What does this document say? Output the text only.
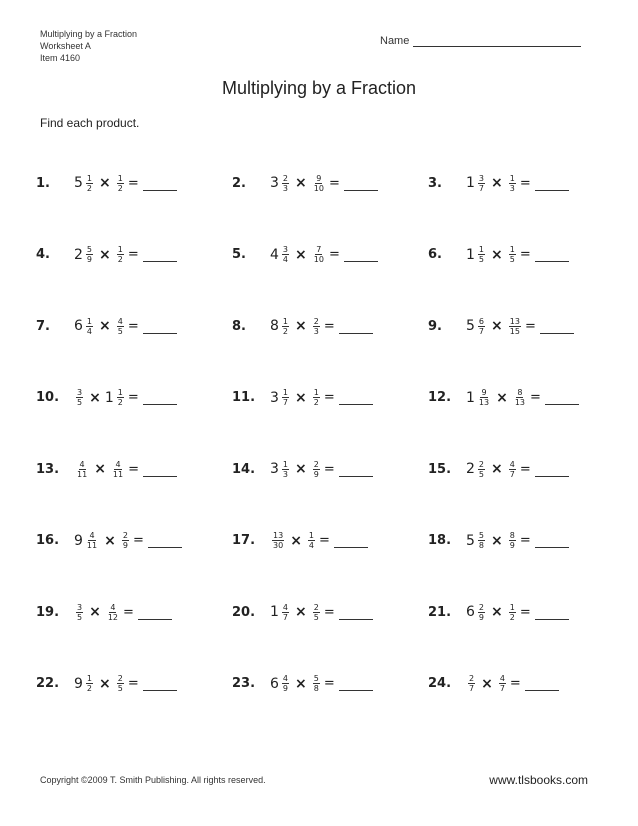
Multiplying by a Fraction
Worksheet A
Item 4160
Name
Multiplying by a Fraction
Find each product.
1.	$5 \frac{1}{2} \times \frac{1}{2}$ =	2.	$3 \frac{2}{3} \times \frac{9}{10}$ =	3.	$1 \frac{3}{7} \times \frac{1}{3}$ =
4.	$2 \frac{5}{9} \times \frac{1}{2}$ =	5.	$4 \frac{3}{4} \times \frac{7}{10}$ =	6.	$1 \frac{1}{5} \times \frac{1}{5}$ =
7.	$6 \frac{1}{4} \times \frac{4}{5}$ =	8.	$8 \frac{1}{2} \times \frac{2}{3}$ =	9.	$5 \frac{6}{7} \times \frac{13}{15}$ =
10.	$\frac{3}{5} \times 1 \frac{1}{2}$ =	11.	$3 \frac{1}{7} \times \frac{1}{2}$ =	12.	$1 \frac{9}{13} \times \frac{8}{13}$ =
13.	$\frac{4}{11} \times \frac{4}{11}$ =	14.	$3 \frac{1}{3} \times \frac{2}{9}$ =	15.	$2 \frac{2}{5} \times \frac{4}{7}$ =
16.	$9 \frac{4}{11} \times \frac{2}{9}$ =	17.	$\frac{13}{30} \times \frac{1}{4}$ =	18.	$5 \frac{5}{8} \times \frac{8}{9}$ =
19.	$\frac{3}{5} \times \frac{4}{12}$ =	20.	$1 \frac{4}{7} \times \frac{2}{5}$ =	21.	$6 \frac{2}{9} \times \frac{1}{2}$ =
22.	$9 \frac{1}{2} \times \frac{2}{5}$ =	23.	$6 \frac{4}{9} \times \frac{5}{8}$ =	24.	$\frac{2}{7} \times \frac{4}{7}$ =
Copyright ©2009 T. Smith Publishing. All rights reserved.	www.tlsbooks.com
